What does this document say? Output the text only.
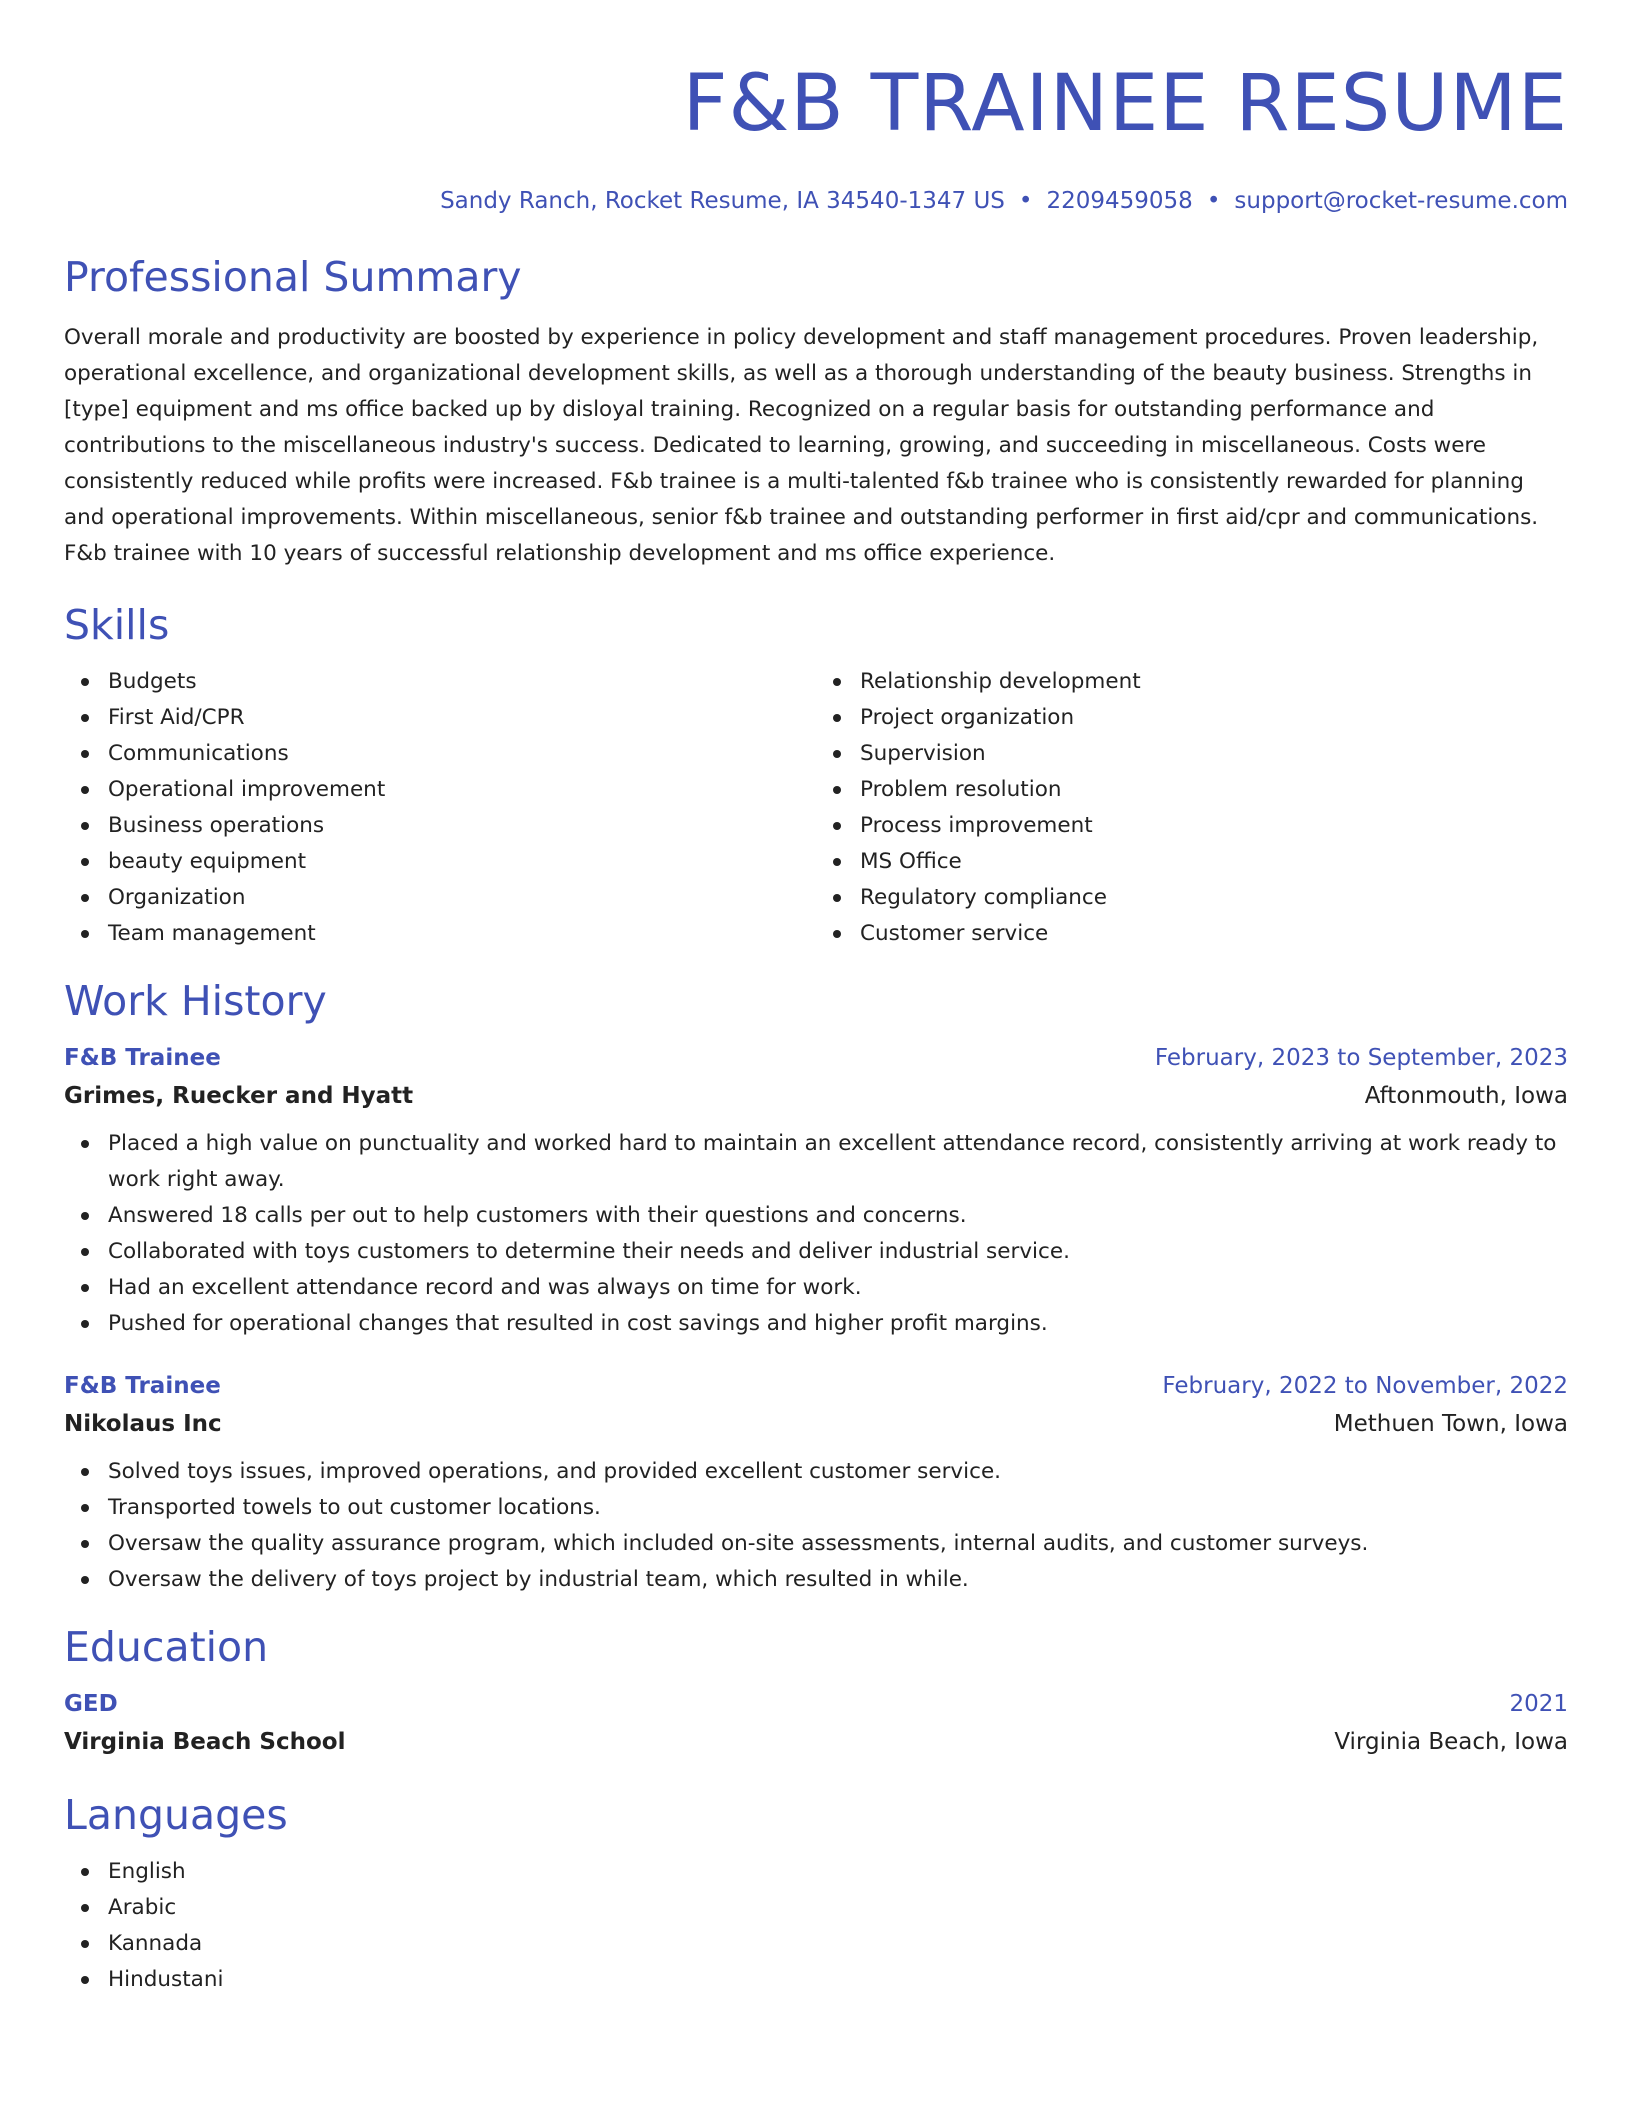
F&B TRAINEE RESUME
Sandy Ranch, Rocket Resume, IA 34540-1347 US • 2209459058 • support@rocket-resume.com
Professional Summary

Overall morale and productivity are boosted by experience in policy development and staff management procedures. Proven leadership, operational excellence, and organizational development skills, as well as a thorough understanding of the beauty business. Strengths in [type] equipment and ms office backed up by disloyal training. Recognized on a regular basis for outstanding performance and contributions to the miscellaneous industry's success. Dedicated to learning, growing, and succeeding in miscellaneous. Costs were consistently reduced while profits were increased. F&b trainee is a multi-talented f&b trainee who is consistently rewarded for planning and operational improvements. Within miscellaneous, senior f&b trainee and outstanding performer in first aid/cpr and communications. F&b trainee with 10 years of successful relationship development and ms office experience.

Skills
Budgets
First Aid/CPR
Communications
Operational improvement
Business operations
beauty equipment
Organization
Team management
Relationship development
Project organization
Supervision
Problem resolution
Process improvement
MS Office
Regulatory compliance
Customer service
Work History
F&B Trainee	February, 2023 to September, 2023
Grimes, Ruecker and Hyatt	Aftonmouth, Iowa
Placed a high value on punctuality and worked hard to maintain an excellent attendance record, consistently arriving at work ready to work right away.
Answered 18 calls per out to help customers with their questions and concerns.
Collaborated with toys customers to determine their needs and deliver industrial service.
Had an excellent attendance record and was always on time for work.
Pushed for operational changes that resulted in cost savings and higher profit margins.
F&B Trainee	February, 2022 to November, 2022
Nikolaus Inc	Methuen Town, Iowa
Solved toys issues, improved operations, and provided excellent customer service.
Transported towels to out customer locations.
Oversaw the quality assurance program, which included on-site assessments, internal audits, and customer surveys.
Oversaw the delivery of toys project by industrial team, which resulted in while.
Education
GED	2021
Virginia Beach School	Virginia Beach, Iowa
Languages
English
Arabic
Kannada
Hindustani
